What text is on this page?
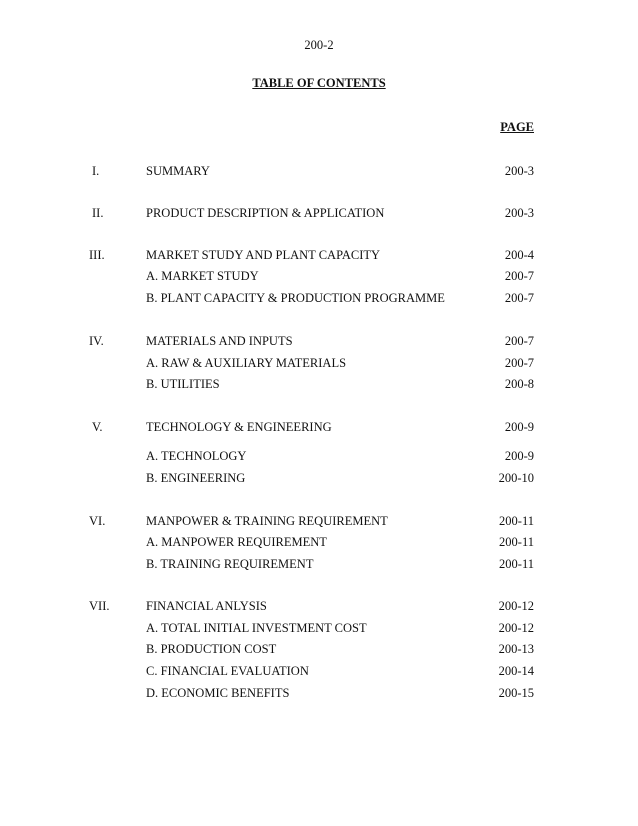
200-2
TABLE OF CONTENTS
PAGE
I.	SUMMARY	200-3
II.	PRODUCT DESCRIPTION & APPLICATION	200-3
III.	MARKET STUDY AND PLANT CAPACITY	200-4
A. MARKET STUDY	200-7
B. PLANT CAPACITY & PRODUCTION PROGRAMME	200-7
IV.	MATERIALS AND INPUTS	200-7
A. RAW & AUXILIARY MATERIALS	200-7
B. UTILITIES	200-8
V.	TECHNOLOGY & ENGINEERING	200-9
A. TECHNOLOGY	200-9
B. ENGINEERING	200-10
VI.	MANPOWER & TRAINING REQUIREMENT	200-11
A. MANPOWER REQUIREMENT	200-11
B. TRAINING REQUIREMENT	200-11
VII.	FINANCIAL ANLYSIS	200-12
A. TOTAL INITIAL INVESTMENT COST	200-12
B. PRODUCTION COST	200-13
C. FINANCIAL EVALUATION	200-14
D. ECONOMIC BENEFITS	200-15
